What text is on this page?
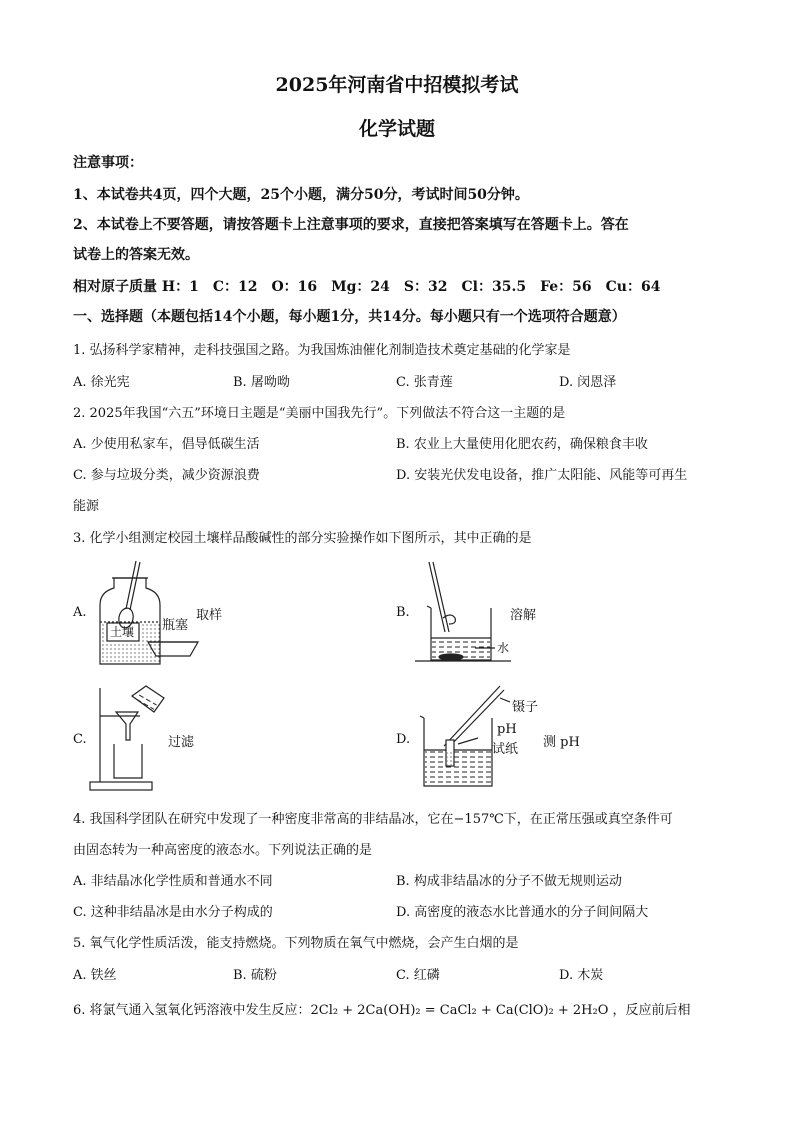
2025年河南省中招模拟考试
化学试题
注意事项：
1、本试卷共4页，四个大题，25个小题，满分50分，考试时间50分钟。
2、本试卷上不要答题，请按答题卡上注意事项的要求，直接把答案填写在答题卡上。答在
试卷上的答案无效。
相对原子质量 H：1　C：12　O：16　Mg：24　S：32　Cl：35.5　Fe：56　Cu：64
一、选择题（本题包括14个小题，每小题1分，共14分。每小题只有一个选项符合题意）
1. 弘扬科学家精神，走科技强国之路。为我国炼油催化剂制造技术奠定基础的化学家是
A. 徐光宪	B. 屠呦呦	C. 张青莲	D. 闵恩泽
2. 2025年我国“六五”环境日主题是“美丽中国我先行”。下列做法不符合这一主题的是
A. 少使用私家车，倡导低碳生活	B. 农业上大量使用化肥农药，确保粮食丰收
C. 参与垃圾分类，减少资源浪费	D. 安装光伏发电设备，推广太阳能、风能等可再生
能源
3. 化学小组测定校园土壤样品酸碱性的部分实验操作如下图所示，其中正确的是
A.
土壤 瓶塞
取样	B.
水
溶解
C.	过滤	D.
镊子
pH
试纸 测 pH
4. 我国科学团队在研究中发现了一种密度非常高的非结晶冰，它在−157℃下，在正常压强或真空条件可
由固态转为一种高密度的液态水。下列说法正确的是
A. 非结晶冰化学性质和普通水不同	B. 构成非结晶冰的分子不做无规则运动
C. 这种非结晶冰是由水分子构成的	D. 高密度的液态水比普通水的分子间间隔大
5. 氧气化学性质活泼，能支持燃烧。下列物质在氧气中燃烧，会产生白烟的是
A. 铁丝	B. 硫粉	C. 红磷	D. 木炭
6. 将氯气通入氢氧化钙溶液中发生反应：2Cl₂ + 2Ca(OH)₂ = CaCl₂ + Ca(ClO)₂ + 2H₂O ，反应前后相
